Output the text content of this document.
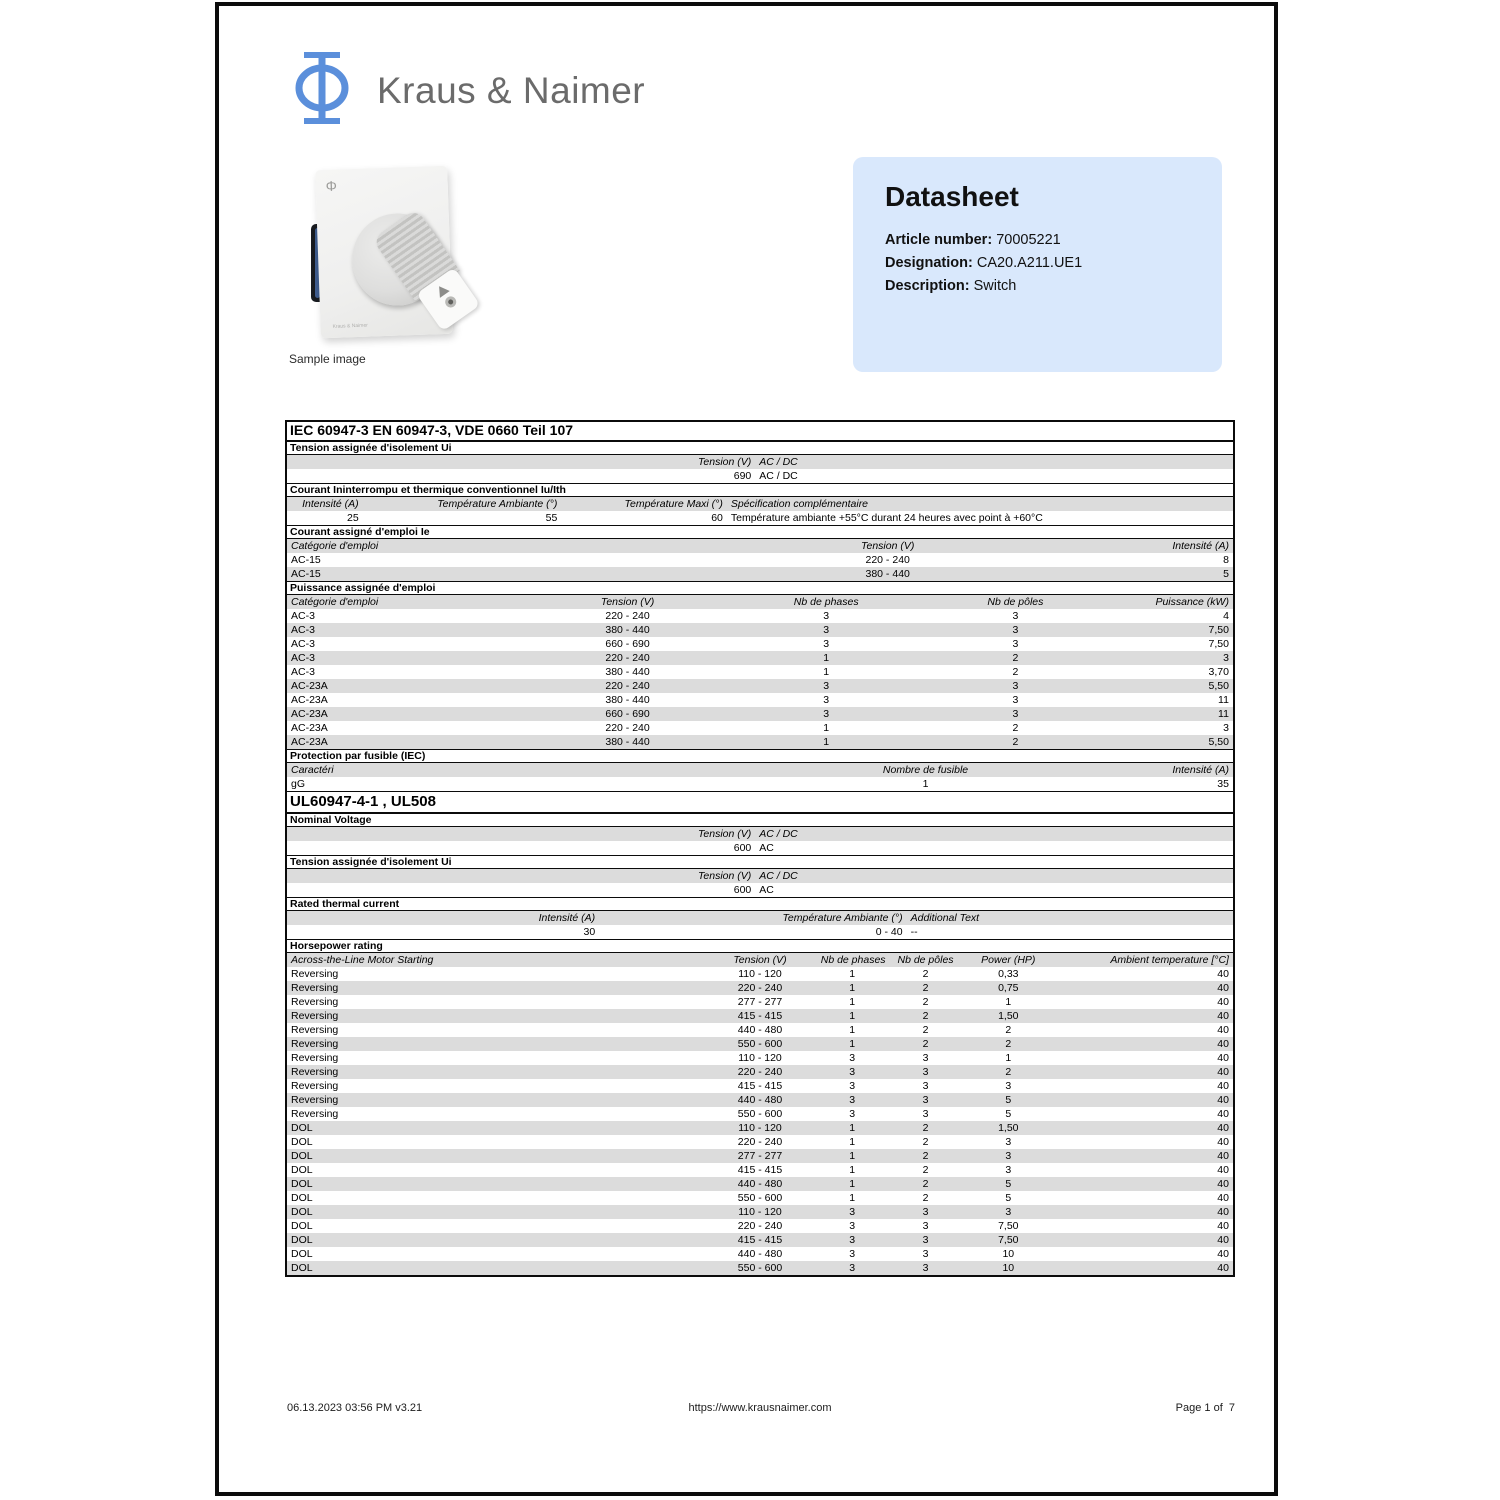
Kraus & Naimer
Φ
Kraus & Naimer
Sample image
Datasheet
Article number: 70005221
Designation: CA20.A211.UE1
Description: Switch
IEC 60947-3 EN 60947-3, VDE 0660 Teil 107
Tension assignée d'isolement Ui
Tension (V) AC / DC
690 AC / DC
Courant Ininterrompu et thermique conventionnel Iu/Ith
Intensité (A)	Température Ambiante (°)	Température Maxi (°) Spécification complémentaire
25	55	60 Température ambiante +55°C durant 24 heures avec point à +60°C
Courant assigné d'emploi Ie
Catégorie d'emploi	Tension (V)	Intensité (A)
AC-15	220 - 240	8
AC-15	380 - 440	5
Puissance assignée d'emploi
Catégorie d'emploi	Tension (V)	Nb de phases	Nb de pôles	Puissance (kW)
AC-3	220 - 240	3	3	4
AC-3	380 - 440	3	3	7,50
AC-3	660 - 690	3	3	7,50
AC-3	220 - 240	1	2	3
AC-3	380 - 440	1	2	3,70
AC-23A	220 - 240	3	3	5,50
AC-23A	380 - 440	3	3	11
AC-23A	660 - 690	3	3	11
AC-23A	220 - 240	1	2	3
AC-23A	380 - 440	1	2	5,50
Protection par fusible (IEC)
Caractéri	Nombre de fusible	Intensité (A)
gG	1	35
UL60947-4-1 , UL508
Nominal Voltage
Tension (V) AC / DC
600 AC
Tension assignée d'isolement Ui
Tension (V) AC / DC
600 AC
Rated thermal current
Intensité (A)	Température Ambiante (°) Additional Text
30	0 - 40 --
Horsepower rating
Across-the-Line Motor Starting	Tension (V)	Nb de phases	Nb de pôles	Power (HP)	Ambient temperature [°C]
Reversing	110 - 120	1	2	0,33	40
Reversing	220 - 240	1	2	0,75	40
Reversing	277 - 277	1	2	1	40
Reversing	415 - 415	1	2	1,50	40
Reversing	440 - 480	1	2	2	40
Reversing	550 - 600	1	2	2	40
Reversing	110 - 120	3	3	1	40
Reversing	220 - 240	3	3	2	40
Reversing	415 - 415	3	3	3	40
Reversing	440 - 480	3	3	5	40
Reversing	550 - 600	3	3	5	40
DOL	110 - 120	1	2	1,50	40
DOL	220 - 240	1	2	3	40
DOL	277 - 277	1	2	3	40
DOL	415 - 415	1	2	3	40
DOL	440 - 480	1	2	5	40
DOL	550 - 600	1	2	5	40
DOL	110 - 120	3	3	3	40
DOL	220 - 240	3	3	7,50	40
DOL	415 - 415	3	3	7,50	40
DOL	440 - 480	3	3	10	40
DOL	550 - 600	3	3	10	40
06.13.2023 03:56 PM v3.21	https://www.krausnaimer.com	Page 1 of  7
